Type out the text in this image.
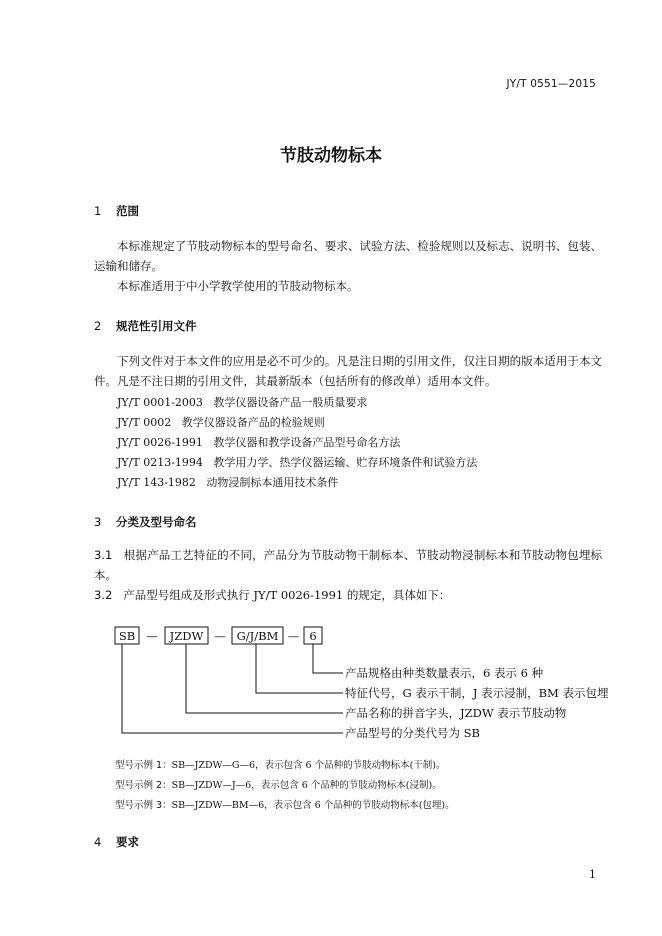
JY/T 0551—2015
节肢动物标本
1 范围
本标准规定了节肢动物标本的型号命名、要求、试验方法、检验规则以及标志、说明书、包装、运输和储存。
本标准适用于中小学教学使用的节肢动物标本。
2 规范性引用文件
下列文件对于本文件的应用是必不可少的。凡是注日期的引用文件，仅注日期的版本适用于本文件。凡是不注日期的引用文件，其最新版本（包括所有的修改单）适用本文件。
JY/T 0001-2003 教学仪器设备产品一般质量要求
JY/T 0002 教学仪器设备产品的检验规则
JY/T 0026-1991 教学仪器和教学设备产品型号命名方法
JY/T 0213-1994 教学用力学、热学仪器运输、贮存环境条件和试验方法
JY/T 143-1982 动物浸制标本通用技术条件
3 分类及型号命名
3.1 根据产品工艺特征的不同，产品分为节肢动物干制标本、节肢动物浸制标本和节肢动物包埋标本。
3.2 产品型号组成及形式执行 JY/T 0026-1991 的规定，具体如下：
SB	JZDW	G/J/BM	6
—	—	—
产品规格由种类数量表示，6 表示 6 种
特征代号，G 表示干制，J 表示浸制，BM 表示包埋
产品名称的拼音字头，JZDW 表示节肢动物
产品型号的分类代号为 SB
型号示例 1：SB—JZDW—G—6，表示包含 6 个品种的节肢动物标本(干制)。
型号示例 2：SB—JZDW—J—6，表示包含 6 个品种的节肢动物标本(浸制)。
型号示例 3：SB—JZDW—BM—6，表示包含 6 个品种的节肢动物标本(包埋)。
4 要求
1
